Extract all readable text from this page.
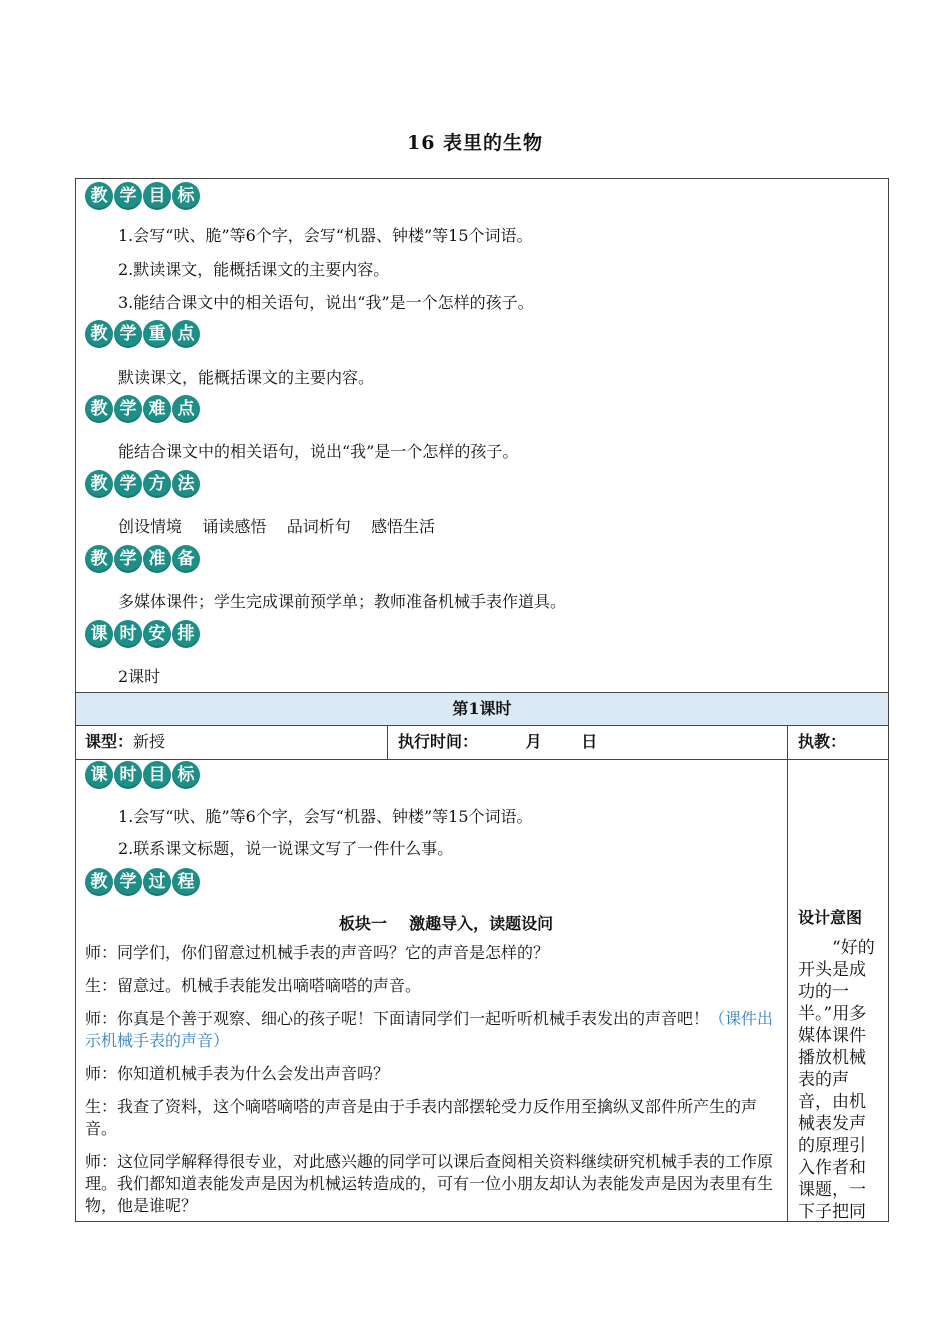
16 表里的生物
教 学 目 标
1.会写“吠、脆”等6个字，会写“机器、钟楼”等15个词语。
2.默读课文，能概括课文的主要内容。
3.能结合课文中的相关语句，说出“我”是一个怎样的孩子。
教 学 重 点
默读课文，能概括课文的主要内容。
教 学 难 点
能结合课文中的相关语句，说出“我”是一个怎样的孩子。
教 学 方 法
创设情境    诵读感悟    品词析句    感悟生活
教 学 准 备
多媒体课件；学生完成课前预学单；教师准备机械手表作道具。
课 时 安 排
2课时
第1课时
课型：新授	执行时间：	月 日	执教：
课 时 目 标
1.会写“吠、脆”等6个字，会写“机器、钟楼”等15个词语。
2.联系课文标题，说一说课文写了一件什么事。
教 学 过 程
板块一    激趣导入，读题设问
师：同学们，你们留意过机械手表的声音吗？它的声音是怎样的？
生：留意过。机械手表能发出嘀嗒嘀嗒的声音。
师：你真是个善于观察、细心的孩子呢！下面请同学们一起听听机械手表发出的声音吧！（课件出示机械手表的声音）
师：你知道机械手表为什么会发出声音吗？
生：我查了资料，这个嘀嗒嘀嗒的声音是由于手表内部摆轮受力反作用至擒纵叉部件所产生的声音。
师：这位同学解释得很专业，对此感兴趣的同学可以课后查阅相关资料继续研究机械手表的工作原理。我们都知道表能发声是因为机械运转造成的，可有一位小朋友却认为表能发声是因为表里有生物，他是谁呢？
设计意图
“好的开头是成功的一半。”用多媒体课件播放机械表的声音，由机械表发声的原理引入作者和课题，一下子把同
